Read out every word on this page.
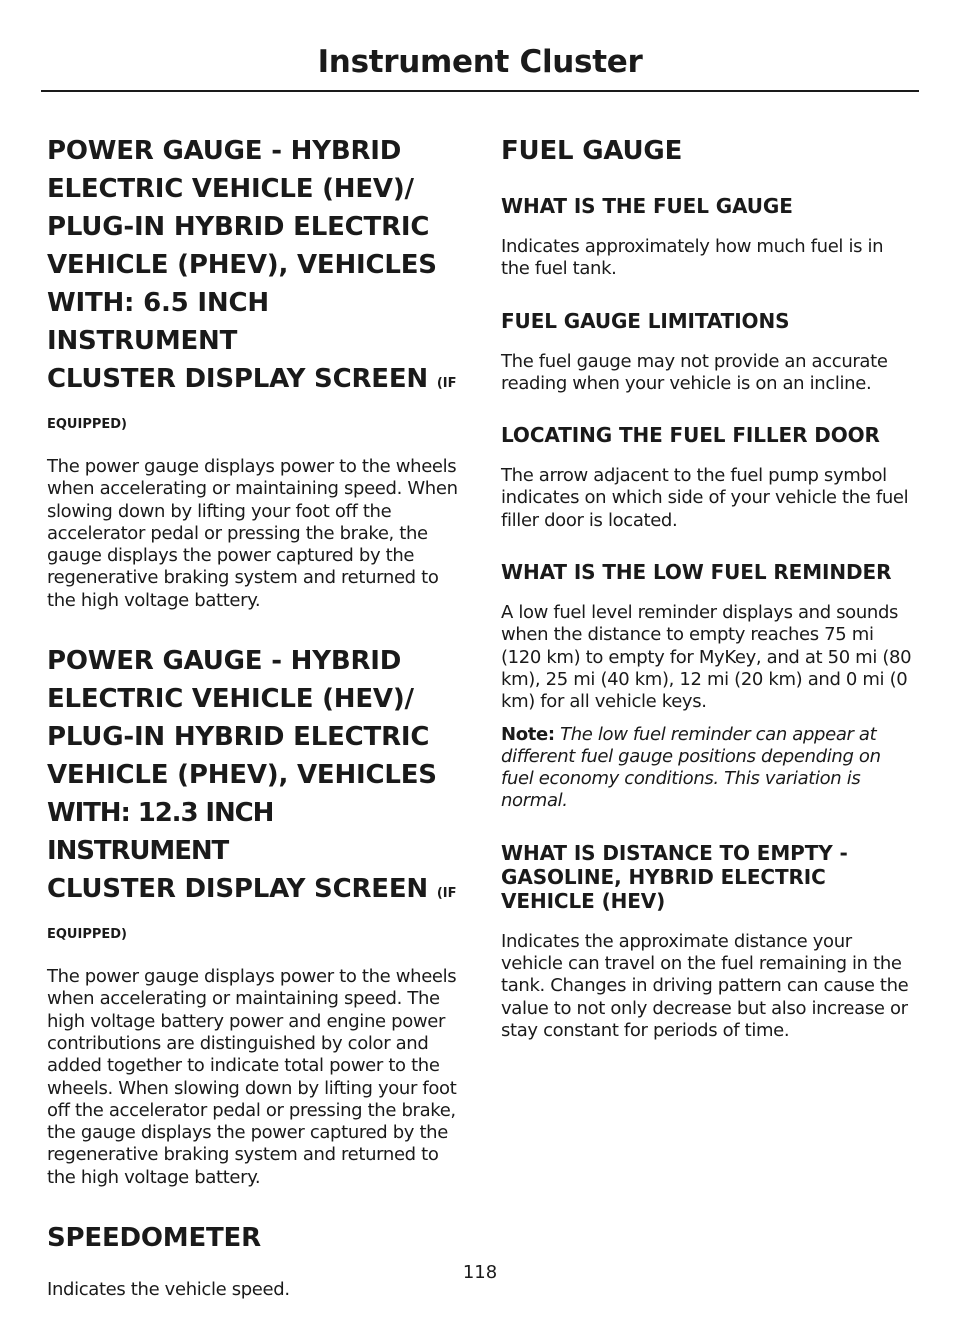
Instrument Cluster
POWER GAUGE - HYBRID
ELECTRIC VEHICLE (HEV)/
PLUG-IN HYBRID ELECTRIC
VEHICLE (PHEV), VEHICLES
WITH: 6.5 INCH INSTRUMENT
CLUSTER DISPLAY SCREEN (IF
EQUIPPED)

The power gauge displays power to the wheels when accelerating or maintaining speed. When slowing down by lifting your foot off the accelerator pedal or pressing the brake, the gauge displays the power captured by the regenerative braking system and returned to the high voltage battery.

POWER GAUGE - HYBRID
ELECTRIC VEHICLE (HEV)/
PLUG-IN HYBRID ELECTRIC
VEHICLE (PHEV), VEHICLES
WITH: 12.3 INCH INSTRUMENT
CLUSTER DISPLAY SCREEN (IF
EQUIPPED)

The power gauge displays power to the wheels when accelerating or maintaining speed. The high voltage battery power and engine power contributions are distinguished by color and added together to indicate total power to the wheels. When slowing down by lifting your foot off the accelerator pedal or pressing the brake, the gauge displays the power captured by the regenerative braking system and returned to the high voltage battery.

SPEEDOMETER

Indicates the vehicle speed.

FUEL GAUGE
WHAT IS THE FUEL GAUGE

Indicates approximately how much fuel is in the fuel tank.

FUEL GAUGE LIMITATIONS

The fuel gauge may not provide an accurate reading when your vehicle is on an incline.

LOCATING THE FUEL FILLER DOOR

The arrow adjacent to the fuel pump symbol indicates on which side of your vehicle the fuel filler door is located.

WHAT IS THE LOW FUEL REMINDER

A low fuel level reminder displays and sounds when the distance to empty reaches 75 mi (120 km) to empty for MyKey, and at 50 mi (80 km), 25 mi (40 km), 12 mi (20 km) and 0 mi (0 km) for all vehicle keys.

Note: The low fuel reminder can appear at different fuel gauge positions depending on fuel economy conditions. This variation is normal.

WHAT IS DISTANCE TO EMPTY - GASOLINE, HYBRID ELECTRIC VEHICLE (HEV)

Indicates the approximate distance your vehicle can travel on the fuel remaining in the tank. Changes in driving pattern can cause the value to not only decrease but also increase or stay constant for periods of time.

118
